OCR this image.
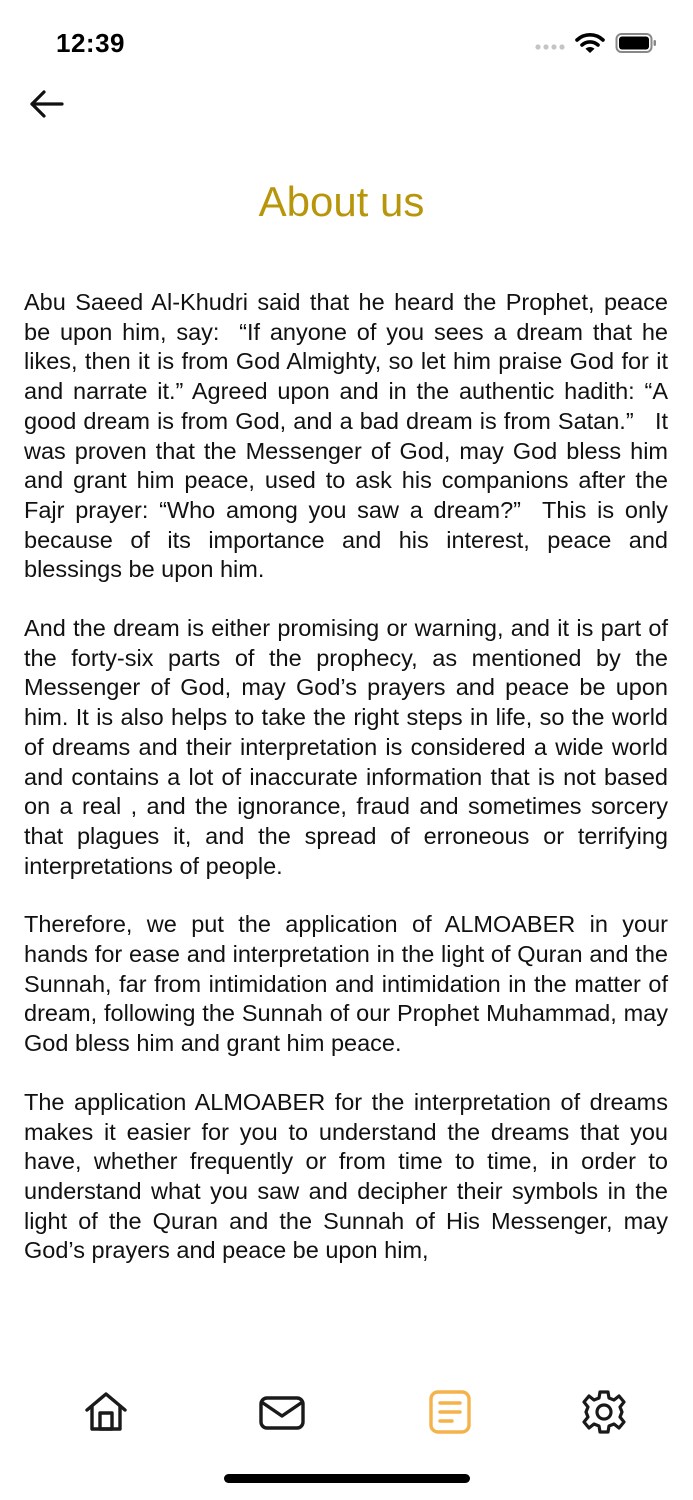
12:39
About us

Abu Saeed Al-Khudri said that he heard the Prophet, peace be upon him, say:  “If anyone of you sees a dream that he likes, then it is from God Almighty, so let him praise God for it and narrate it.” Agreed upon and in the authentic hadith: “A good dream is from God, and a bad dream is from Satan.”   It was proven that the Messenger of God, may God bless him and grant him peace, used to ask his companions after the Fajr prayer: “Who among you saw a dream?”  This is only because of its importance and his interest, peace and blessings be upon him.

And the dream is either promising or warning, and it is part of the forty-six parts of the prophecy, as mentioned by the Messenger of God, may God’s prayers and peace be upon him. It is also helps to take the right steps in life, so the world of dreams and their interpretation is considered a wide world and contains a lot of inaccurate information that is not based on a real , and the ignorance, fraud and sometimes sorcery that plagues it, and the spread of erroneous or terrifying interpretations of people.

Therefore, we put the application of ALMOABER in your hands for ease and interpretation in the light of Quran and the Sunnah, far from intimidation and intimidation in the matter of dream, following the Sunnah of our Prophet Muhammad, may God bless him and grant him peace.

The application ALMOABER for the interpretation of dreams makes it easier for you to understand the dreams that you have, whether frequently or from time to time, in order to understand what you saw and decipher their symbols in the light of the Quran and the Sunnah of His Messenger, may God’s prayers and peace be upon him,
